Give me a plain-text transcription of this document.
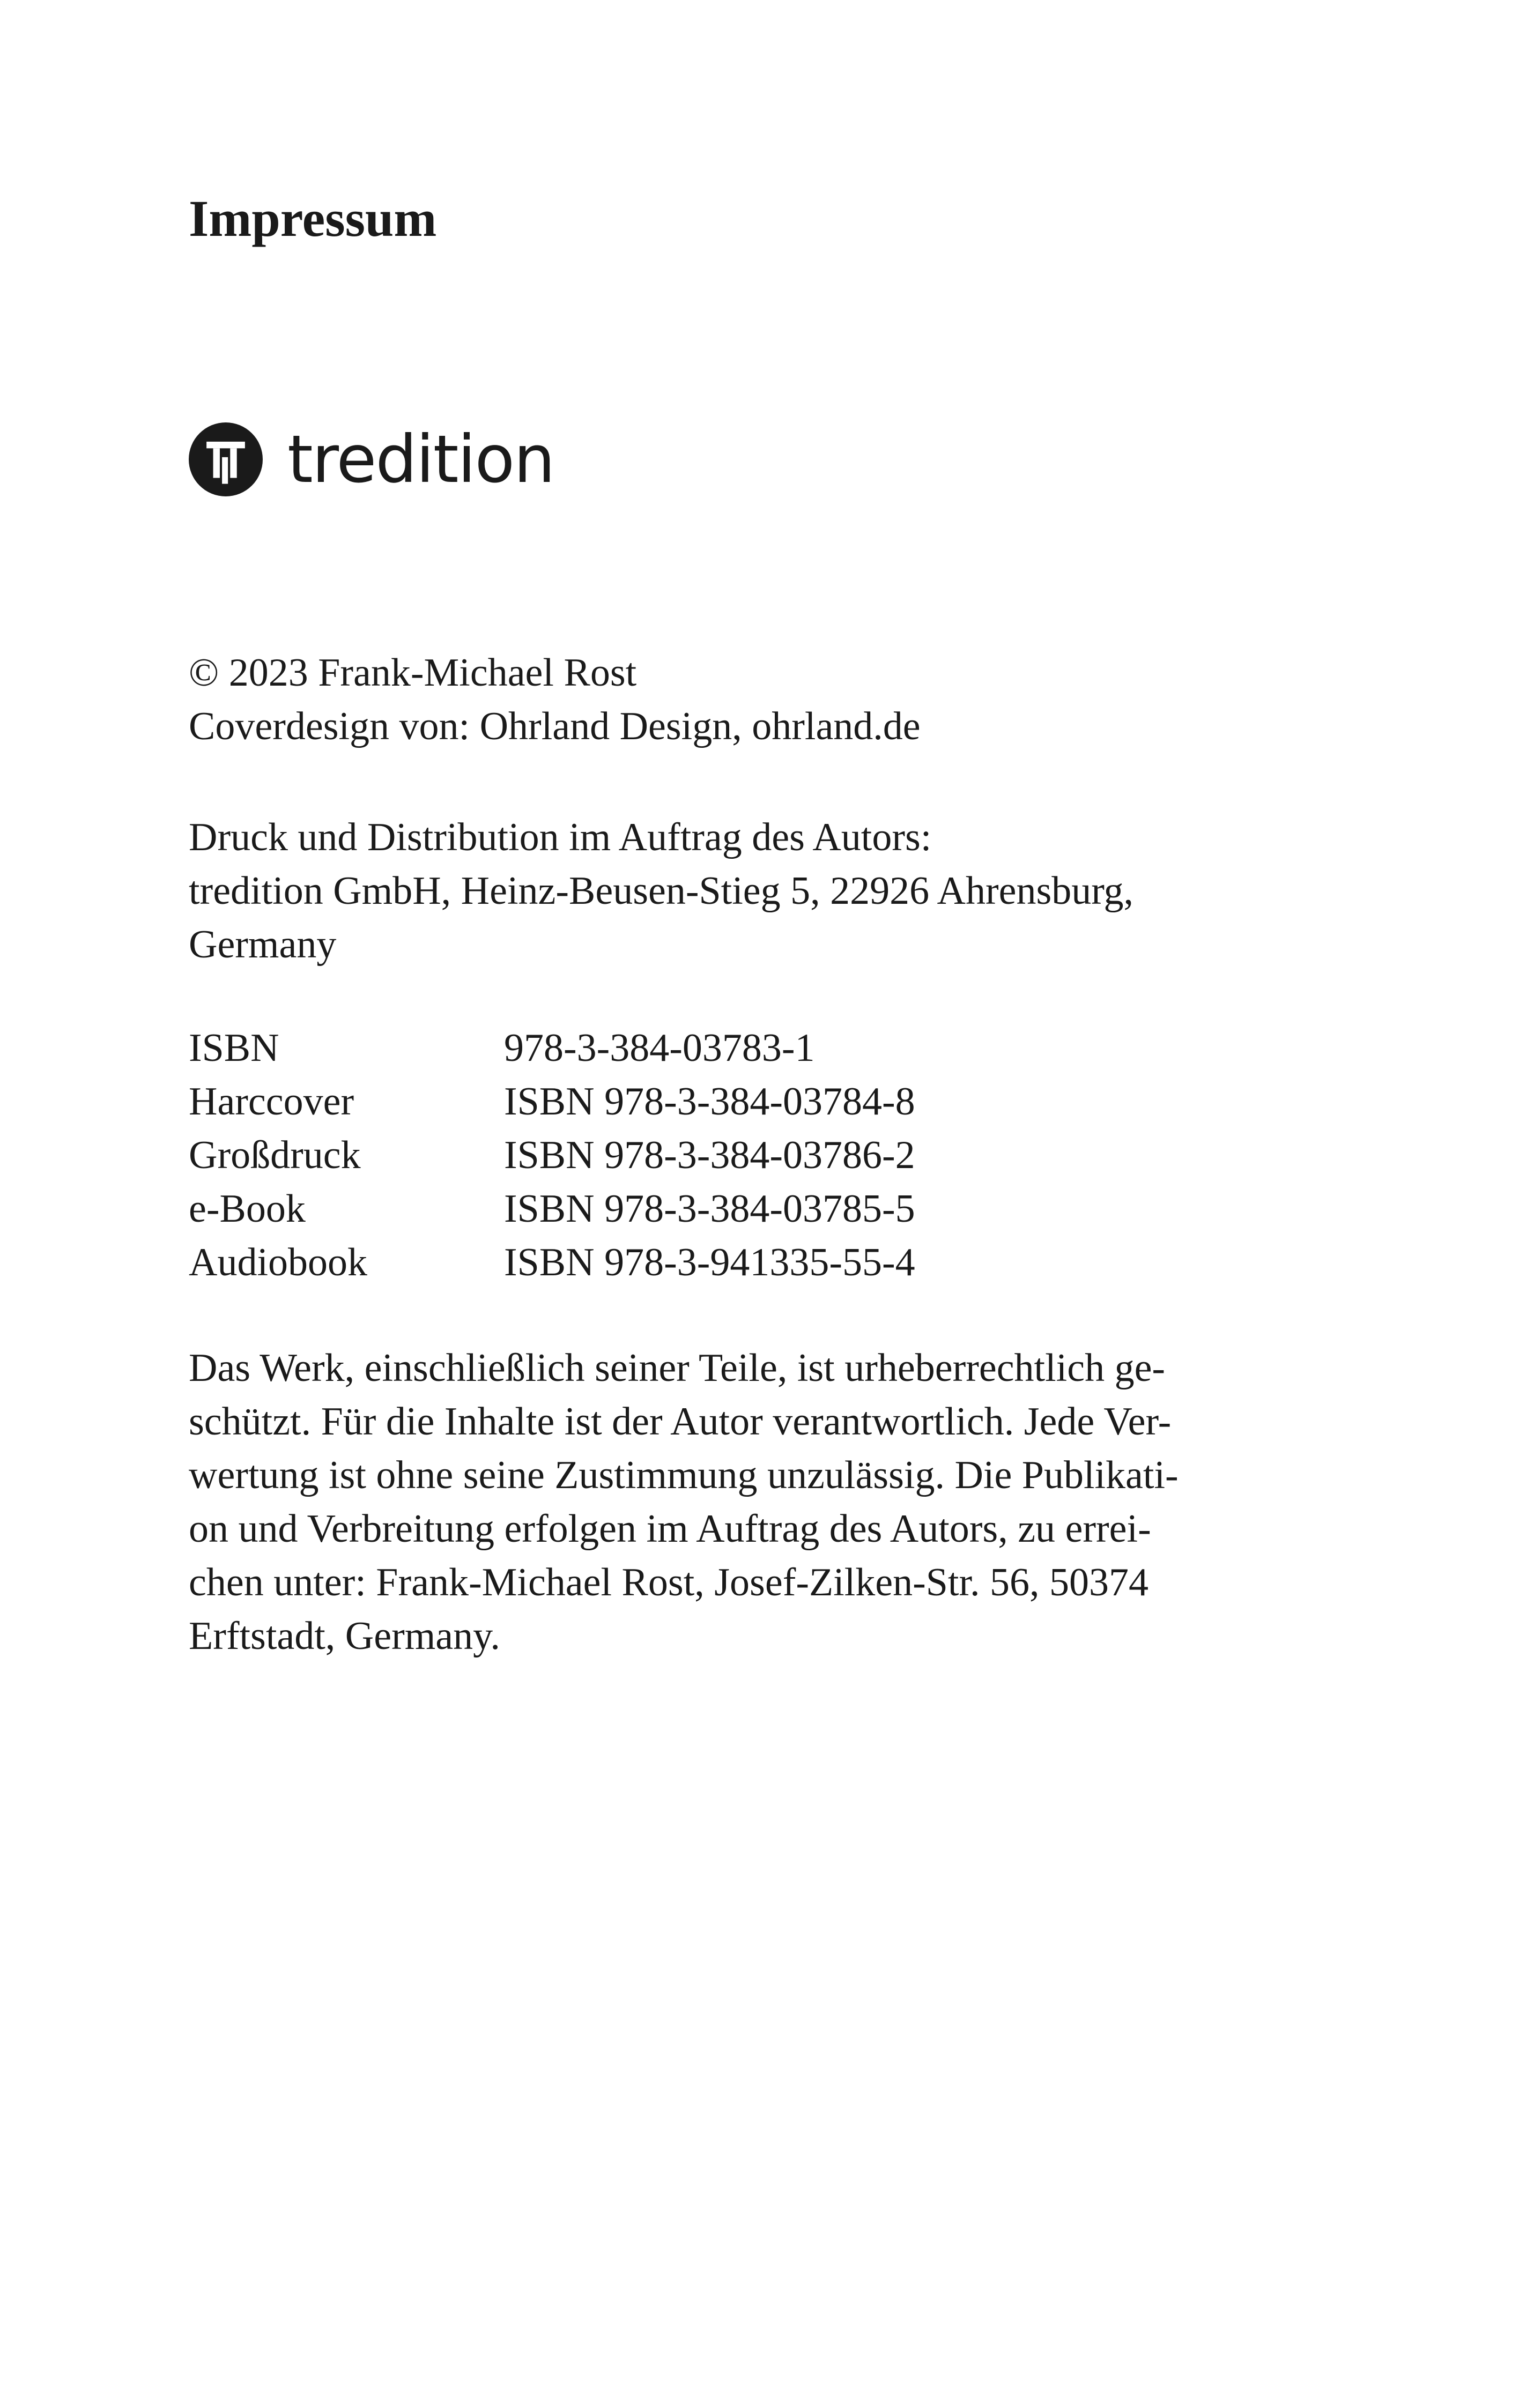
Impressum
tredition
© 2023 Frank-Michael Rost
Coverdesign von: Ohrland Design, ohrland.de
Druck und Distribution im Auftrag des Autors:
tredition GmbH, Heinz-Beusen-Stieg 5, 22926 Ahrensburg,
Germany
ISBN	978-3-384-03783-1
Harccover	ISBN 978-3-384-03784-8
Großdruck	ISBN 978-3-384-03786-2
e-Book	ISBN 978-3-384-03785-5
Audiobook	ISBN 978-3-941335-55-4
Das Werk, einschließlich seiner Teile, ist urheberrechtlich ge-
schützt. Für die Inhalte ist der Autor verantwortlich. Jede Ver-
wertung ist ohne seine Zustimmung unzulässig. Die Publikati-
on und Verbreitung erfolgen im Auftrag des Autors, zu errei-
chen unter: Frank-Michael Rost, Josef-Zilken-Str. 56, 50374
Erftstadt, Germany.
